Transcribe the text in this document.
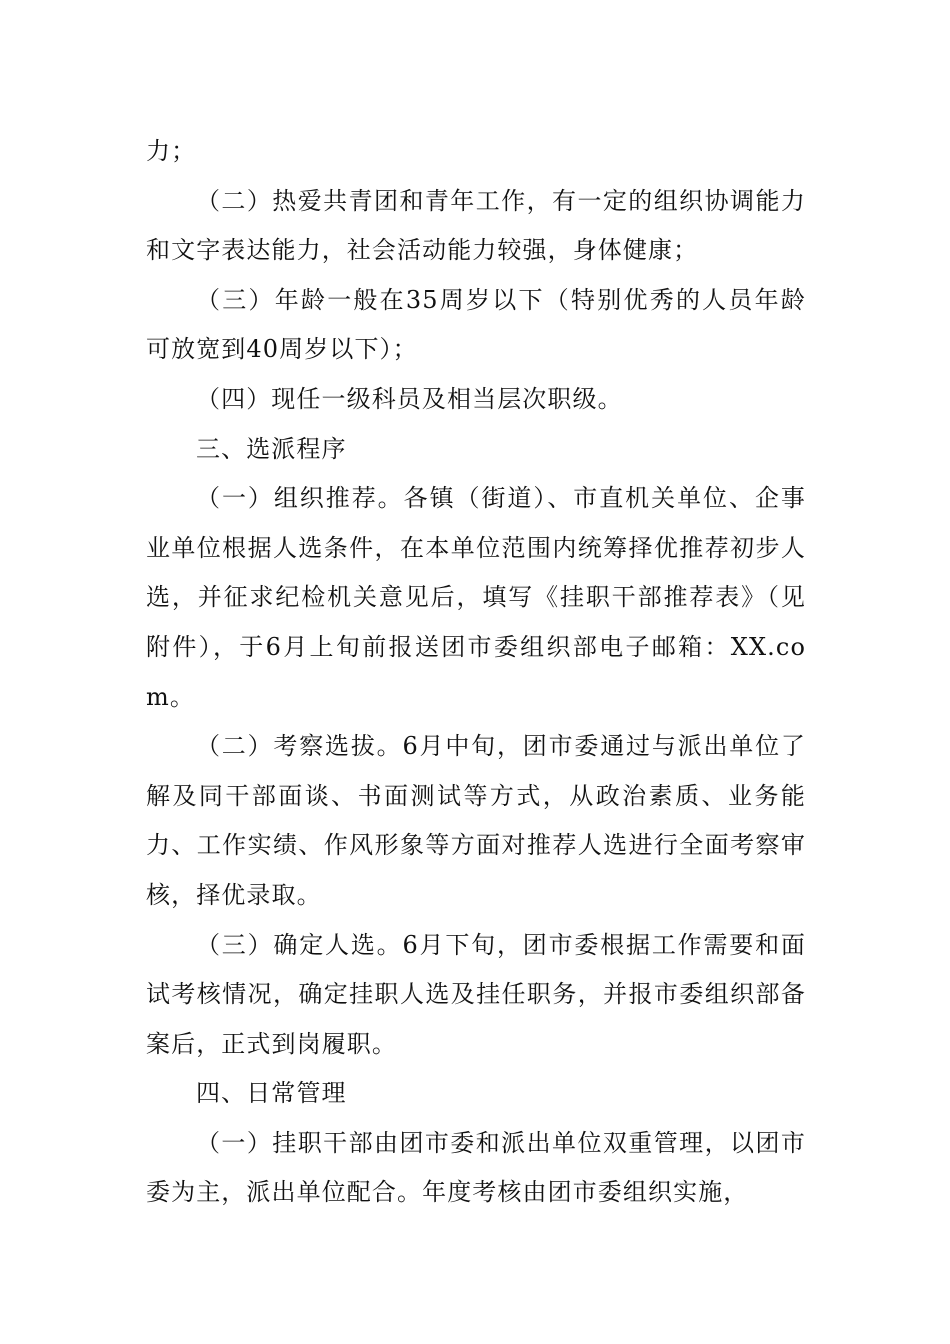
力；

（二）热爱共青团和青年工作，有一定的组织协调能力和文字表达能力，社会活动能力较强，身体健康；

（三）年龄一般在35周岁以下（特别优秀的人员年龄可放宽到40周岁以下）；

（四）现任一级科员及相当层次职级。

三、选派程序

（一）组织推荐。各镇（街道）、市直机关单位、企事业单位根据人选条件，在本单位范围内统筹择优推荐初步人选，并征求纪检机关意见后，填写《挂职干部推荐表》（见附件），于6月上旬前报送团市委组织部电子邮箱：XX.com。

（二）考察选拔。6月中旬，团市委通过与派出单位了解及同干部面谈、书面测试等方式，从政治素质、业务能力、工作实绩、作风形象等方面对推荐人选进行全面考察审核，择优录取。

（三）确定人选。6月下旬，团市委根据工作需要和面试考核情况，确定挂职人选及挂任职务，并报市委组织部备案后，正式到岗履职。

四、日常管理

（一）挂职干部由团市委和派出单位双重管理，以团市委为主，派出单位配合。年度考核由团市委组织实施，
